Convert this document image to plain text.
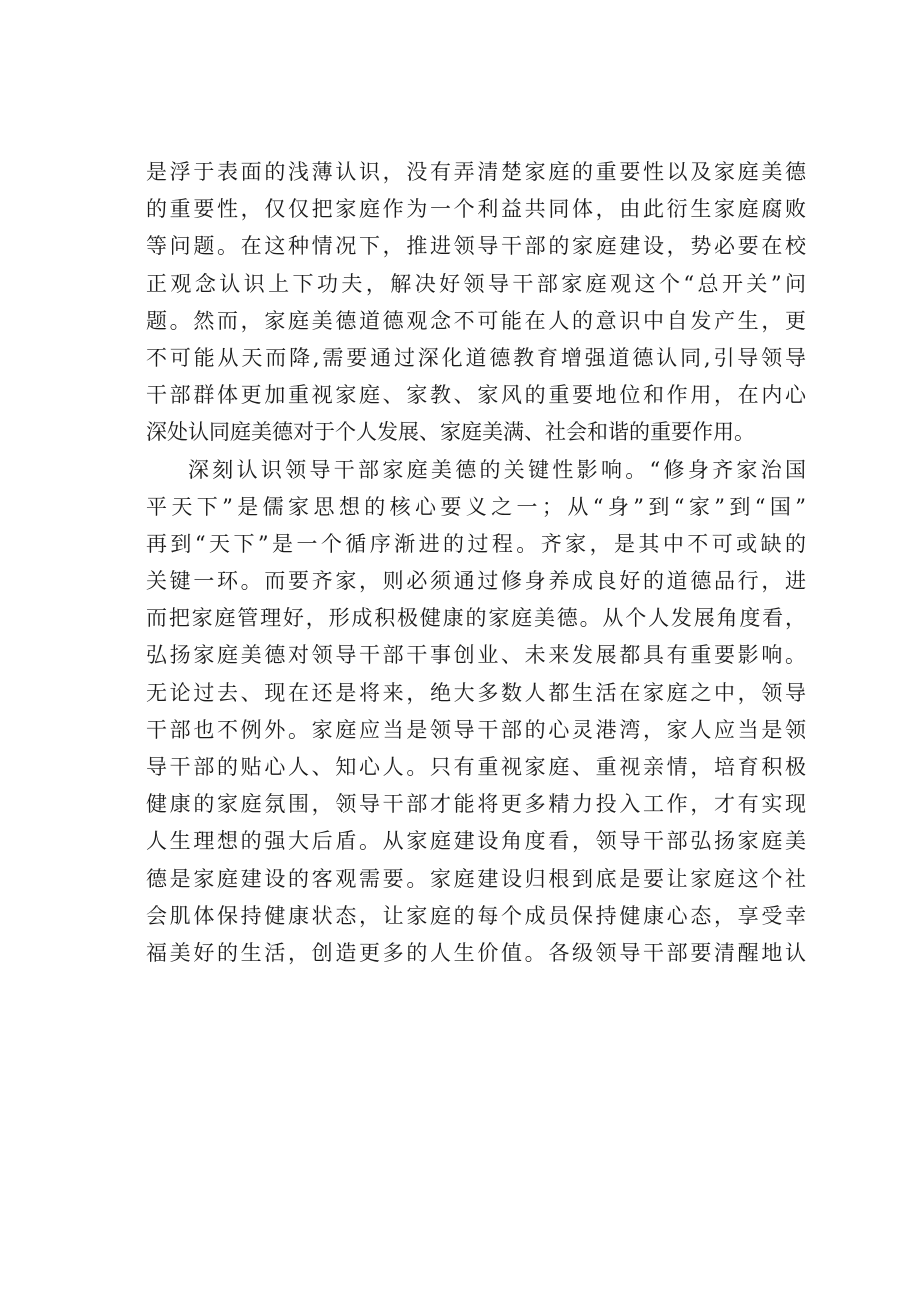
是浮于表面的浅薄认识，没有弄清楚家庭的重要性以及家庭美德
的重要性，仅仅把家庭作为一个利益共同体，由此衍生家庭腐败
等问题。在这种情况下，推进领导干部的家庭建设，势必要在校
正观念认识上下功夫，解决好领导干部家庭观这个“总开关”问
题。然而，家庭美德道德观念不可能在人的意识中自发产生，更
不可能从天而降,需要通过深化道德教育增强道德认同,引导领导
干部群体更加重视家庭、家教、家风的重要地位和作用，在内心
深处认同庭美德对于个人发展、家庭美满、社会和谐的重要作用。
深刻认识领导干部家庭美德的关键性影响。“修身齐家治国
平天下”是儒家思想的核心要义之一；从“身”到“家”到“国”
再到“天下”是一个循序渐进的过程。齐家，是其中不可或缺的
关键一环。而要齐家，则必须通过修身养成良好的道德品行，进
而把家庭管理好，形成积极健康的家庭美德。从个人发展角度看，
弘扬家庭美德对领导干部干事创业、未来发展都具有重要影响。
无论过去、现在还是将来，绝大多数人都生活在家庭之中，领导
干部也不例外。家庭应当是领导干部的心灵港湾，家人应当是领
导干部的贴心人、知心人。只有重视家庭、重视亲情，培育积极
健康的家庭氛围，领导干部才能将更多精力投入工作，才有实现
人生理想的强大后盾。从家庭建设角度看，领导干部弘扬家庭美
德是家庭建设的客观需要。家庭建设归根到底是要让家庭这个社
会肌体保持健康状态，让家庭的每个成员保持健康心态，享受幸
福美好的生活，创造更多的人生价值。各级领导干部要清醒地认
